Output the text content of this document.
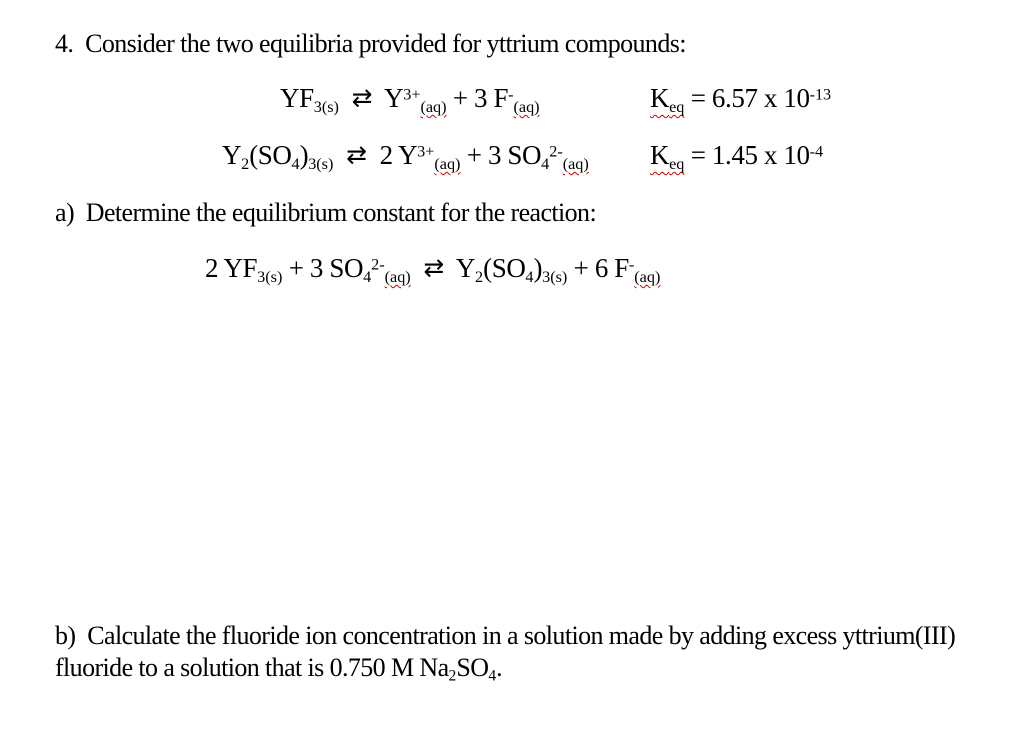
4.  Consider the two equilibria provided for yttrium compounds:
YF3(s) ⇄  $Y^{3+}(aq) + 3$ F-(aq)	Keq = 6.57 x $10^{-13}$
Y2(SO4)3(s) ⇄  2 $Y^{3+}(aq) + 3$ $SO4^{2-}(aq)$ Keq = 1.45 x $10^{-4}$
a)  Determine the equilibrium constant for the reaction:
2 YF3(s) + 3 $SO4^{2-}(aq)$ ⇄  Y2(SO4)3(s) + 6 F-(aq)
b)  Calculate the fluoride ion concentration in a solution made by adding excess yttrium(III)
fluoride to a solution that is 0.750 M Na2SO4.
